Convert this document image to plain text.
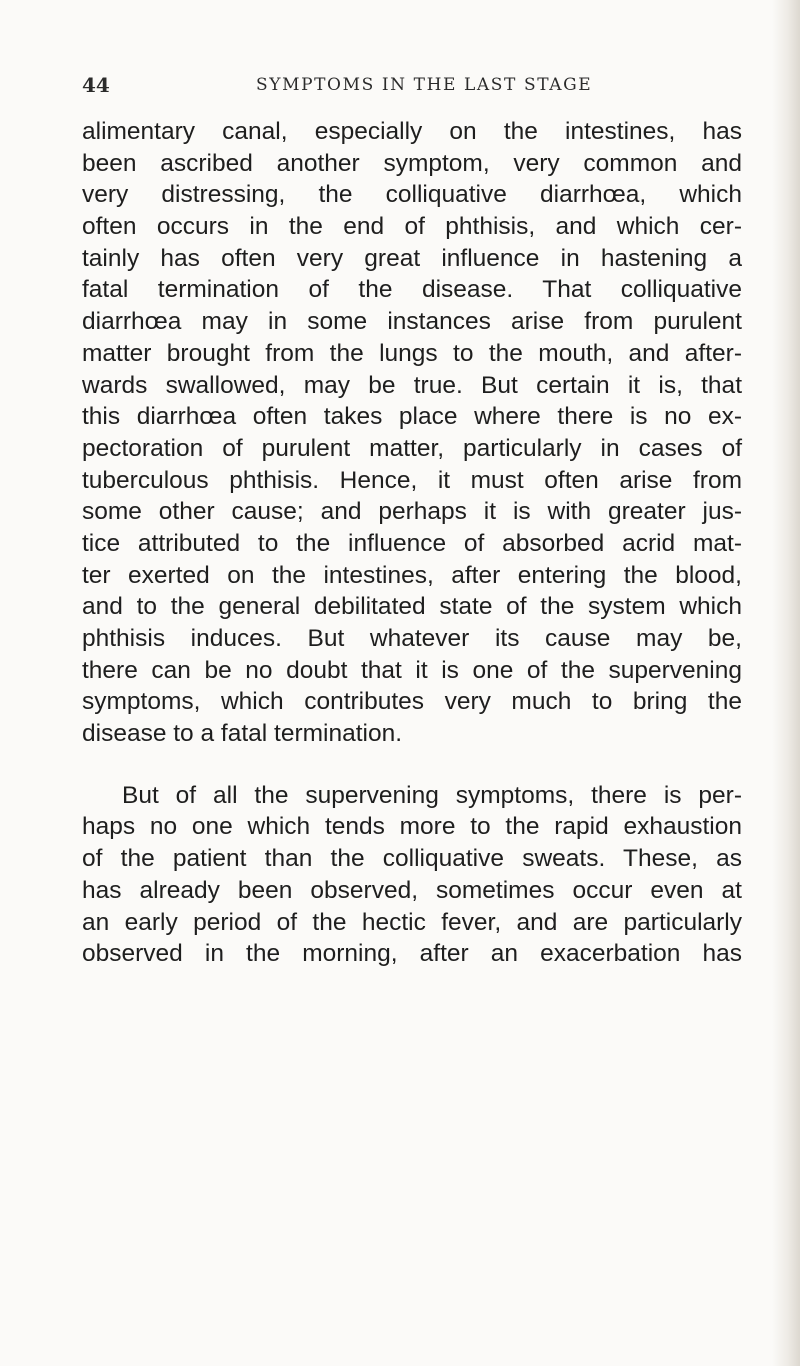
44	SYMPTOMS IN THE LAST STAGE
alimentary canal, especially on the intestines, has
been ascribed another symptom, very common and
very distressing, the colliquative diarrhœa, which
often occurs in the end of phthisis, and which cer-
tainly has often very great influence in hastening a
fatal termination of the disease. That colliquative
diarrhœa may in some instances arise from purulent
matter brought from the lungs to the mouth, and after-
wards swallowed, may be true. But certain it is, that
this diarrhœa often takes place where there is no ex-
pectoration of purulent matter, particularly in cases of
tuberculous phthisis. Hence, it must often arise from
some other cause; and perhaps it is with greater jus-
tice attributed to the influence of absorbed acrid mat-
ter exerted on the intestines, after entering the blood,
and to the general debilitated state of the system which
phthisis induces. But whatever its cause may be,
there can be no doubt that it is one of the supervening
symptoms, which contributes very much to bring the
disease to a fatal termination.
But of all the supervening symptoms, there is per-
haps no one which tends more to the rapid exhaustion
of the patient than the colliquative sweats. These, as
has already been observed, sometimes occur even at
an early period of the hectic fever, and are particularly
observed in the morning, after an exacerbation has
